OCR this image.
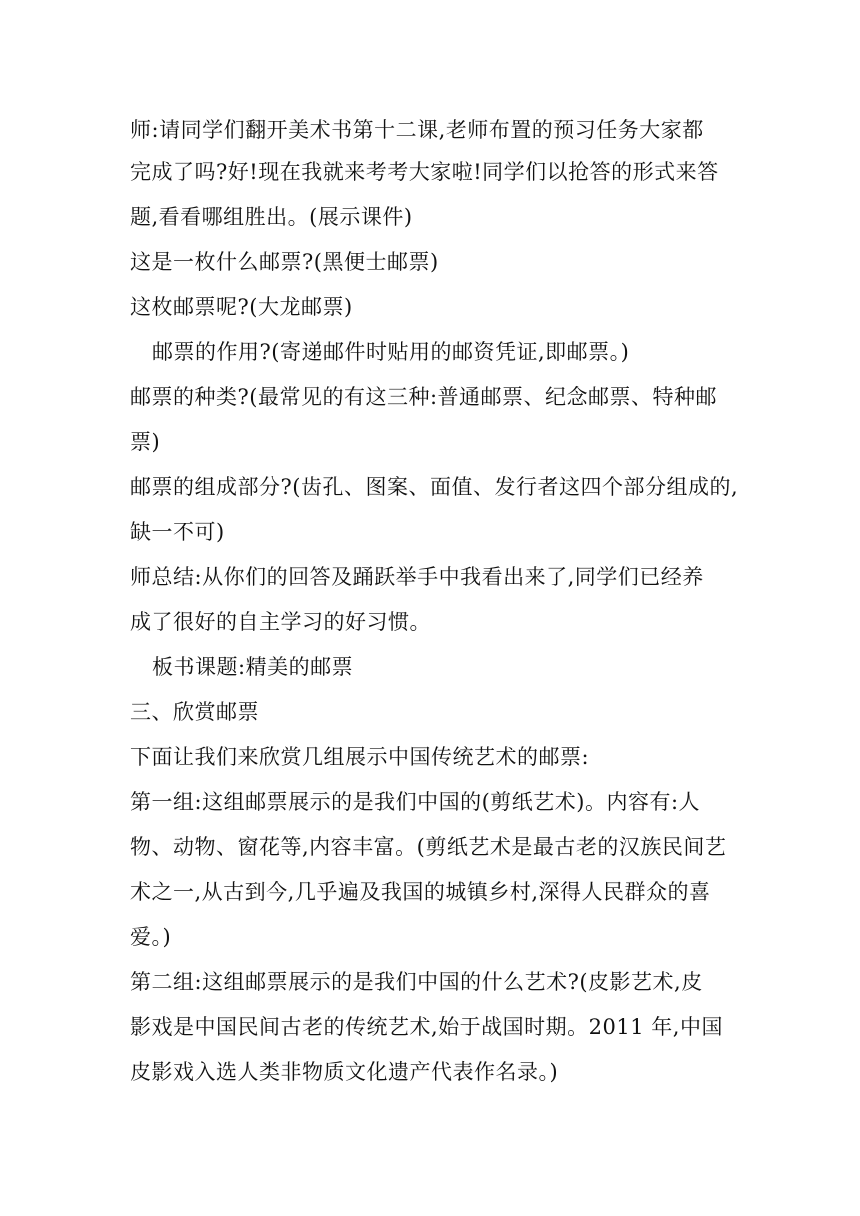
师:请同学们翻开美术书第十二课,老师布置的预习任务大家都
完成了吗?好!现在我就来考考大家啦!同学们以抢答的形式来答
题,看看哪组胜出。(展示课件)
这是一枚什么邮票?(黑便士邮票)
这枚邮票呢?(大龙邮票)
邮票的作用?(寄递邮件时贴用的邮资凭证,即邮票。)
邮票的种类?(最常见的有这三种:普通邮票、纪念邮票、特种邮
票)
邮票的组成部分?(齿孔、图案、面值、发行者这四个部分组成的,
缺一不可)
师总结:从你们的回答及踊跃举手中我看出来了,同学们已经养
成了很好的自主学习的好习惯。
板书课题:精美的邮票
三、欣赏邮票
下面让我们来欣赏几组展示中国传统艺术的邮票:
第一组:这组邮票展示的是我们中国的(剪纸艺术)。内容有:人
物、动物、窗花等,内容丰富。(剪纸艺术是最古老的汉族民间艺
术之一,从古到今,几乎遍及我国的城镇乡村,深得人民群众的喜
爱。)
第二组:这组邮票展示的是我们中国的什么艺术?(皮影艺术,皮
影戏是中国民间古老的传统艺术,始于战国时期。2011 年,中国
皮影戏入选人类非物质文化遗产代表作名录。)
